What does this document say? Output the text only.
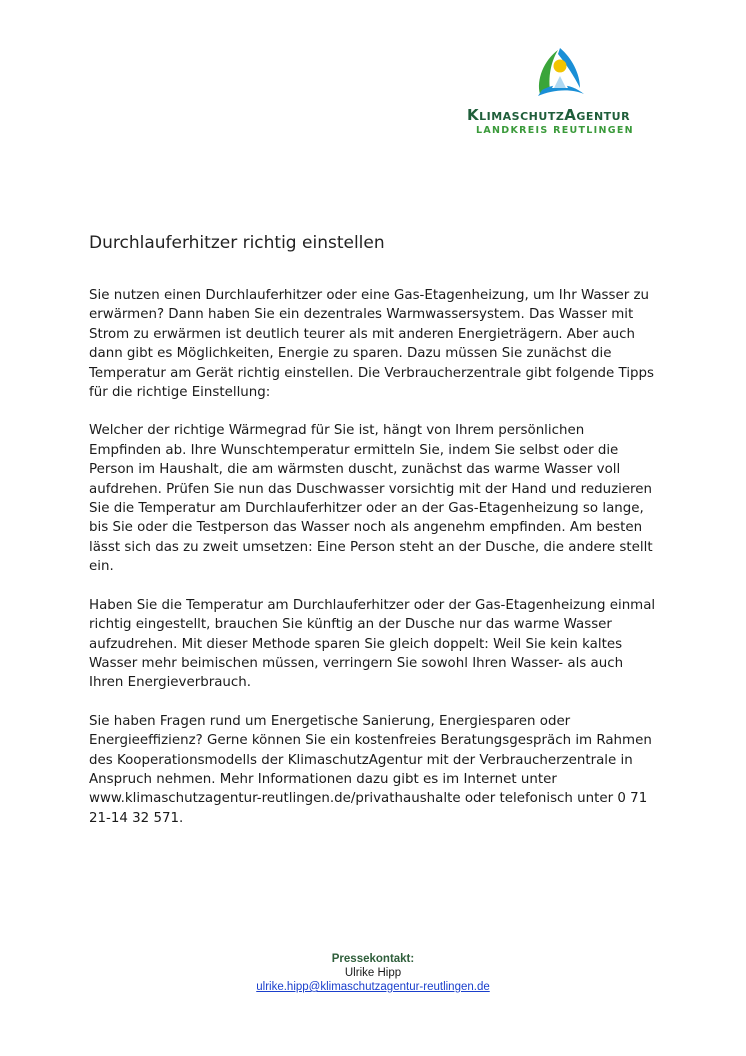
KlimaschutzAgentur
LANDKREIS REUTLINGEN
Durchlauferhitzer richtig einstellen

Sie nutzen einen Durchlauferhitzer oder eine Gas-Etagenheizung, um Ihr Wasser zu erwärmen? Dann haben Sie ein dezentrales Warmwassersystem. Das Wasser mit Strom zu erwärmen ist deutlich teurer als mit anderen Energieträgern. Aber auch dann gibt es Möglichkeiten, Energie zu sparen. Dazu müssen Sie zunächst die Temperatur am Gerät richtig einstellen. Die Verbraucherzentrale gibt folgende Tipps für die richtige Einstellung:

Welcher der richtige Wärmegrad für Sie ist, hängt von Ihrem persönlichen Empfinden ab. Ihre Wunschtemperatur ermitteln Sie, indem Sie selbst oder die Person im Haushalt, die am wärmsten duscht, zunächst das warme Wasser voll aufdrehen. Prüfen Sie nun das Duschwasser vorsichtig mit der Hand und reduzieren Sie die Temperatur am Durchlauferhitzer oder an der Gas-Etagenheizung so lange, bis Sie oder die Testperson das Wasser noch als angenehm empfinden. Am besten lässt sich das zu zweit umsetzen: Eine Person steht an der Dusche, die andere stellt ein.

Haben Sie die Temperatur am Durchlauferhitzer oder der Gas-Etagenheizung einmal richtig eingestellt, brauchen Sie künftig an der Dusche nur das warme Wasser aufzudrehen. Mit dieser Methode sparen Sie gleich doppelt: Weil Sie kein kaltes Wasser mehr beimischen müssen, verringern Sie sowohl Ihren Wasser- als auch Ihren Energieverbrauch.

Sie haben Fragen rund um Energetische Sanierung, Energiesparen oder Energieeffizienz? Gerne können Sie ein kostenfreies Beratungsgespräch im Rahmen des Kooperationsmodells der KlimaschutzAgentur mit der Verbraucherzentrale in Anspruch nehmen. Mehr Informationen dazu gibt es im Internet unter www.klimaschutzagentur-reutlingen.de/privathaushalte oder telefonisch unter 0 71 21-14 32 571.

Pressekontakt:
Ulrike Hipp
ulrike.hipp@klimaschutzagentur-reutlingen.de
